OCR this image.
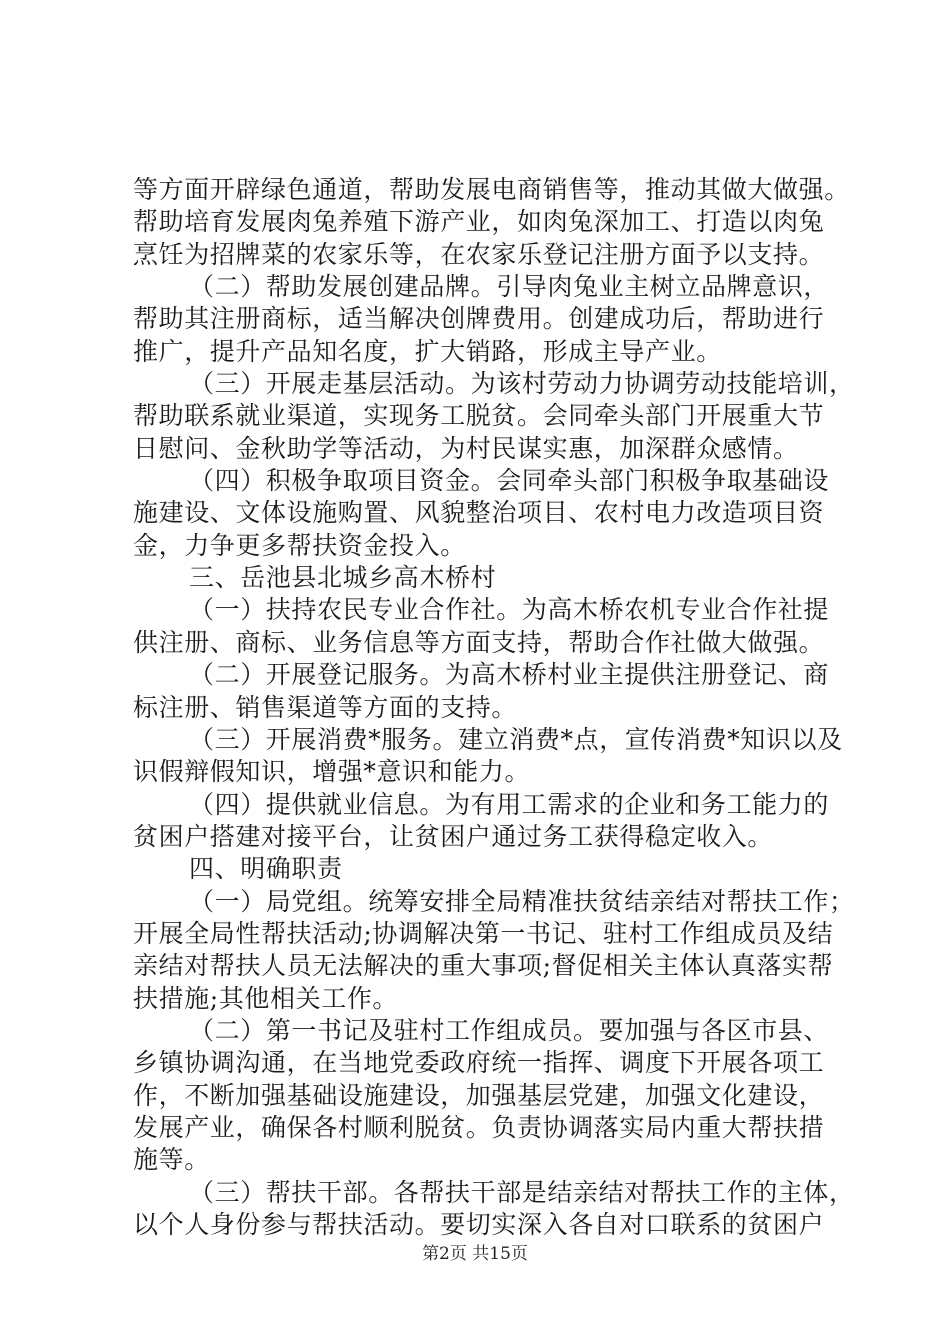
等方面开辟绿色通道，帮助发展电商销售等，推动其做大做强。
帮助培育发展肉兔养殖下游产业，如肉兔深加工、打造以肉兔
烹饪为招牌菜的农家乐等，在农家乐登记注册方面予以支持。
（二）帮助发展创建品牌。引导肉兔业主树立品牌意识，
帮助其注册商标，适当解决创牌费用。创建成功后，帮助进行
推广，提升产品知名度，扩大销路，形成主导产业。
（三）开展走基层活动。为该村劳动力协调劳动技能培训，
帮助联系就业渠道，实现务工脱贫。会同牵头部门开展重大节
日慰问、金秋助学等活动，为村民谋实惠，加深群众感情。
（四）积极争取项目资金。会同牵头部门积极争取基础设
施建设、文体设施购置、风貌整治项目、农村电力改造项目资
金，力争更多帮扶资金投入。
三、岳池县北城乡高木桥村
（一）扶持农民专业合作社。为高木桥农机专业合作社提
供注册、商标、业务信息等方面支持，帮助合作社做大做强。
（二）开展登记服务。为高木桥村业主提供注册登记、商
标注册、销售渠道等方面的支持。
（三）开展消费*服务。建立消费*点，宣传消费*知识以及
识假辩假知识，增强*意识和能力。
（四）提供就业信息。为有用工需求的企业和务工能力的
贫困户搭建对接平台，让贫困户通过务工获得稳定收入。
四、明确职责
（一）局党组。统筹安排全局精准扶贫结亲结对帮扶工作；
开展全局性帮扶活动;协调解决第一书记、驻村工作组成员及结
亲结对帮扶人员无法解决的重大事项;督促相关主体认真落实帮
扶措施;其他相关工作。
（二）第一书记及驻村工作组成员。要加强与各区市县、
乡镇协调沟通，在当地党委政府统一指挥、调度下开展各项工
作，不断加强基础设施建设，加强基层党建，加强文化建设，
发展产业，确保各村顺利脱贫。负责协调落实局内重大帮扶措
施等。
（三）帮扶干部。各帮扶干部是结亲结对帮扶工作的主体，
以个人身份参与帮扶活动。要切实深入各自对口联系的贫困户
第2页 共15页
